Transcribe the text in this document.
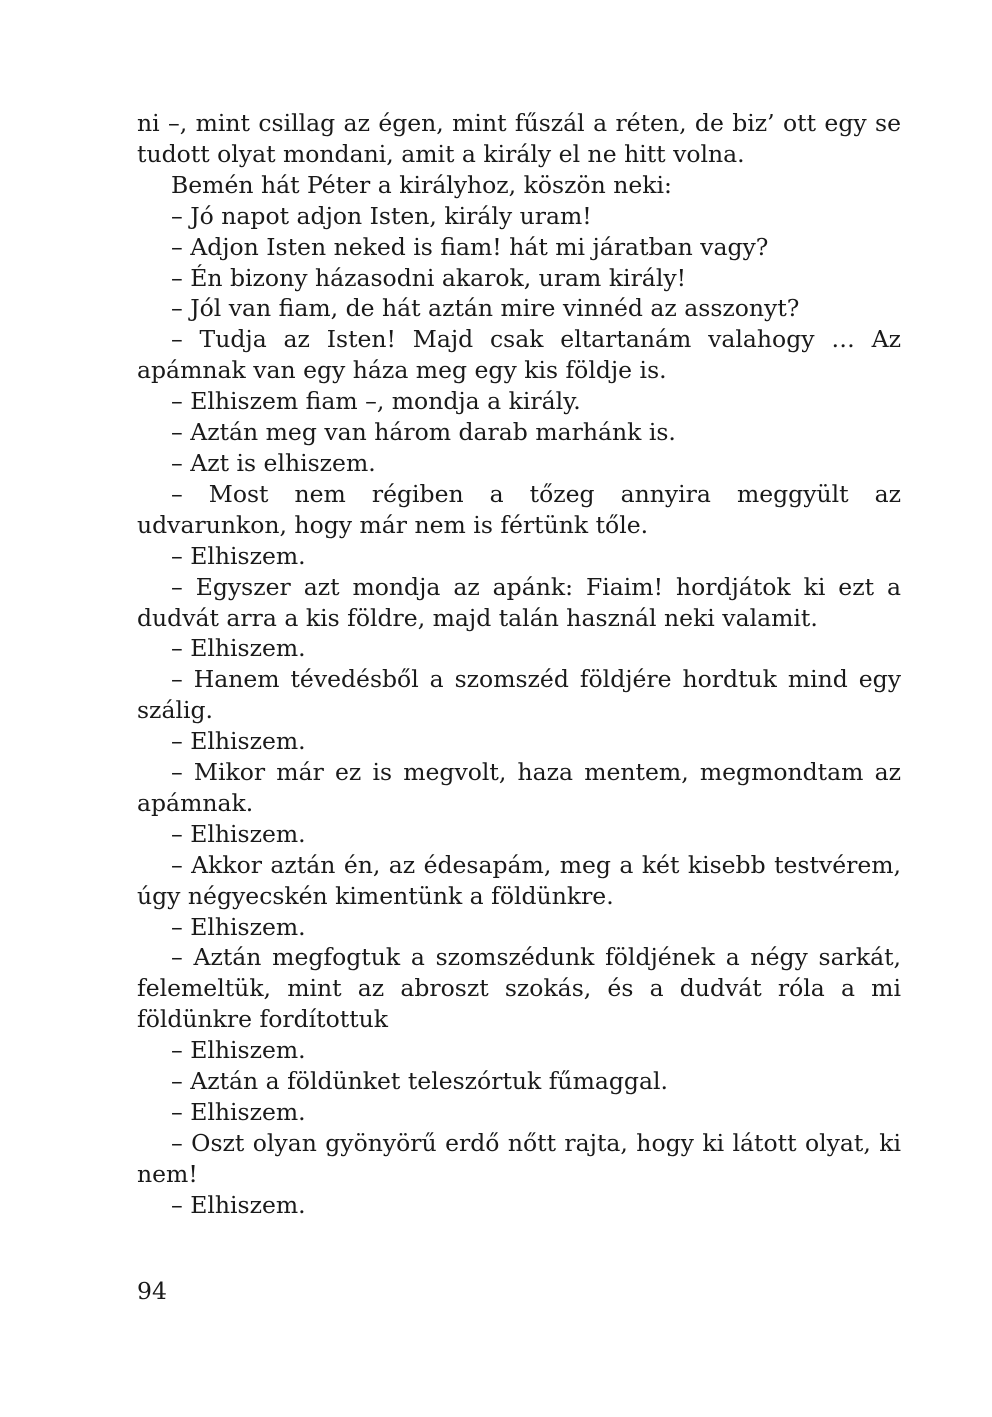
ni –, mint csillag az égen, mint fűszál a réten, de biz’ ott egy se tudott olyat mondani, amit a király el ne hitt volna.

Bemén hát Péter a királyhoz, köszön neki:

– Jó napot adjon Isten, király uram!

– Adjon Isten neked is fiam! hát mi járatban vagy?

– Én bizony házasodni akarok, uram király!

– Jól van fiam, de hát aztán mire vinnéd az asszonyt?

– Tudja az Isten! Majd csak eltartanám valahogy … Az apámnak van egy háza meg egy kis földje is.

– Elhiszem fiam –, mondja a király.

– Aztán meg van három darab marhánk is.

– Azt is elhiszem.

– Most nem régiben a tőzeg annyira meggyült az udvarunkon, hogy már nem is fértünk tőle.

– Elhiszem.

– Egyszer azt mondja az apánk: Fiaim! hordjátok ki ezt a dudvát arra a kis földre, majd talán használ neki valamit.

– Elhiszem.

– Hanem tévedésből a szomszéd földjére hordtuk mind egy szálig.

– Elhiszem.

– Mikor már ez is megvolt, haza mentem, megmondtam az apámnak.

– Elhiszem.

– Akkor aztán én, az édesapám, meg a két kisebb testvérem, úgy négyecskén kimentünk a földünkre.

– Elhiszem.

– Aztán megfogtuk a szomszédunk földjének a négy sarkát, felemeltük, mint az abroszt szokás, és a dudvát róla a mi földünkre fordítottuk

– Elhiszem.

– Aztán a földünket teleszórtuk fűmaggal.

– Elhiszem.

– Oszt olyan gyönyörű erdő nőtt rajta, hogy ki látott olyat, ki nem!

– Elhiszem.

94
